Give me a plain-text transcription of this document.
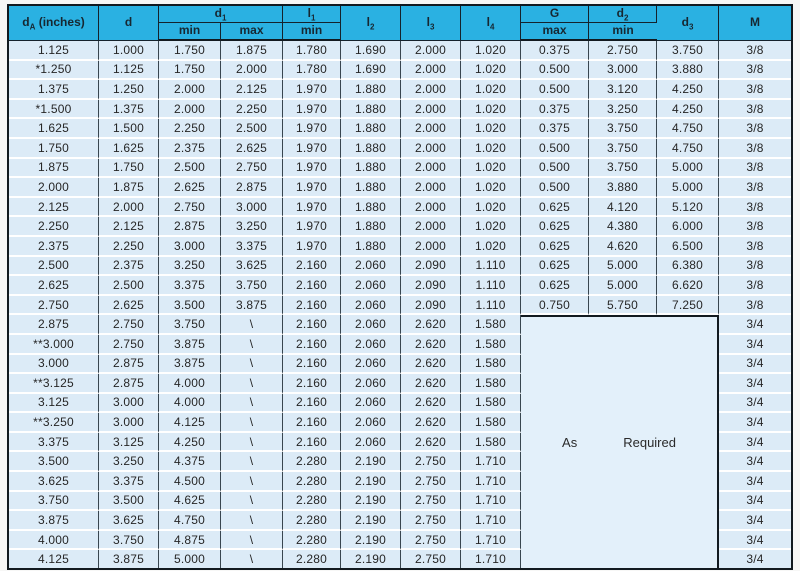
$d_A$ (inches)	d	$d_1$		$l_1$	$l_2$	$l_3$	$l_4$	G	$d_2$	$d_3$	M
		min	max	min				max	min		
1.125	1.000	1.750	1.875	1.780	1.690	2.000	1.020	0.375	2.750	3.750	3/8
*1.250	1.125	1.750	2.000	1.780	1.690	2.000	1.020	0.500	3.000	3.880	3/8
1.375	1.250	2.000	2.125	1.970	1.880	2.000	1.020	0.500	3.120	4.250	3/8
*1.500	1.375	2.000	2.250	1.970	1.880	2.000	1.020	0.375	3.250	4.250	3/8
1.625	1.500	2.250	2.500	1.970	1.880	2.000	1.020	0.375	3.750	4.750	3/8
1.750	1.625	2.375	2.625	1.970	1.880	2.000	1.020	0.500	3.750	4.750	3/8
1.875	1.750	2.500	2.750	1.970	1.880	2.000	1.020	0.500	3.750	5.000	3/8
2.000	1.875	2.625	2.875	1.970	1.880	2.000	1.020	0.500	3.880	5.000	3/8
2.125	2.000	2.750	3.000	1.970	1.880	2.000	1.020	0.625	4.120	5.120	3/8
2.250	2.125	2.875	3.250	1.970	1.880	2.000	1.020	0.625	4.380	6.000	3/8
2.375	2.250	3.000	3.375	1.970	1.880	2.000	1.020	0.625	4.620	6.500	3/8
2.500	2.375	3.250	3.625	2.160	2.060	2.090	1.110	0.625	5.000	6.380	3/8
2.625	2.500	3.375	3.750	2.160	2.060	2.090	1.110	0.625	5.000	6.620	3/8
2.750	2.625	3.500	3.875	2.160	2.060	2.090	1.110	0.750	5.750	7.250	3/8
2.875	2.750	3.750	\	2.160	2.060	2.620	1.580	As Required			3/4
**3.000	2.750	3.875	\	2.160	2.060	2.620	1.580				3/4
3.000	2.875	3.875	\	2.160	2.060	2.620	1.580				3/4
**3.125	2.875	4.000	\	2.160	2.060	2.620	1.580				3/4
3.125	3.000	4.000	\	2.160	2.060	2.620	1.580				3/4
**3.250	3.000	4.125	\	2.160	2.060	2.620	1.580				3/4
3.375	3.125	4.250	\	2.160	2.060	2.620	1.580				3/4
3.500	3.250	4.375	\	2.280	2.190	2.750	1.710				3/4
3.625	3.375	4.500	\	2.280	2.190	2.750	1.710				3/4
3.750	3.500	4.625	\	2.280	2.190	2.750	1.710				3/4
3.875	3.625	4.750	\	2.280	2.190	2.750	1.710				3/4
4.000	3.750	4.875	\	2.280	2.190	2.750	1.710				3/4
4.125	3.875	5.000	\	2.280	2.190	2.750	1.710				3/4
